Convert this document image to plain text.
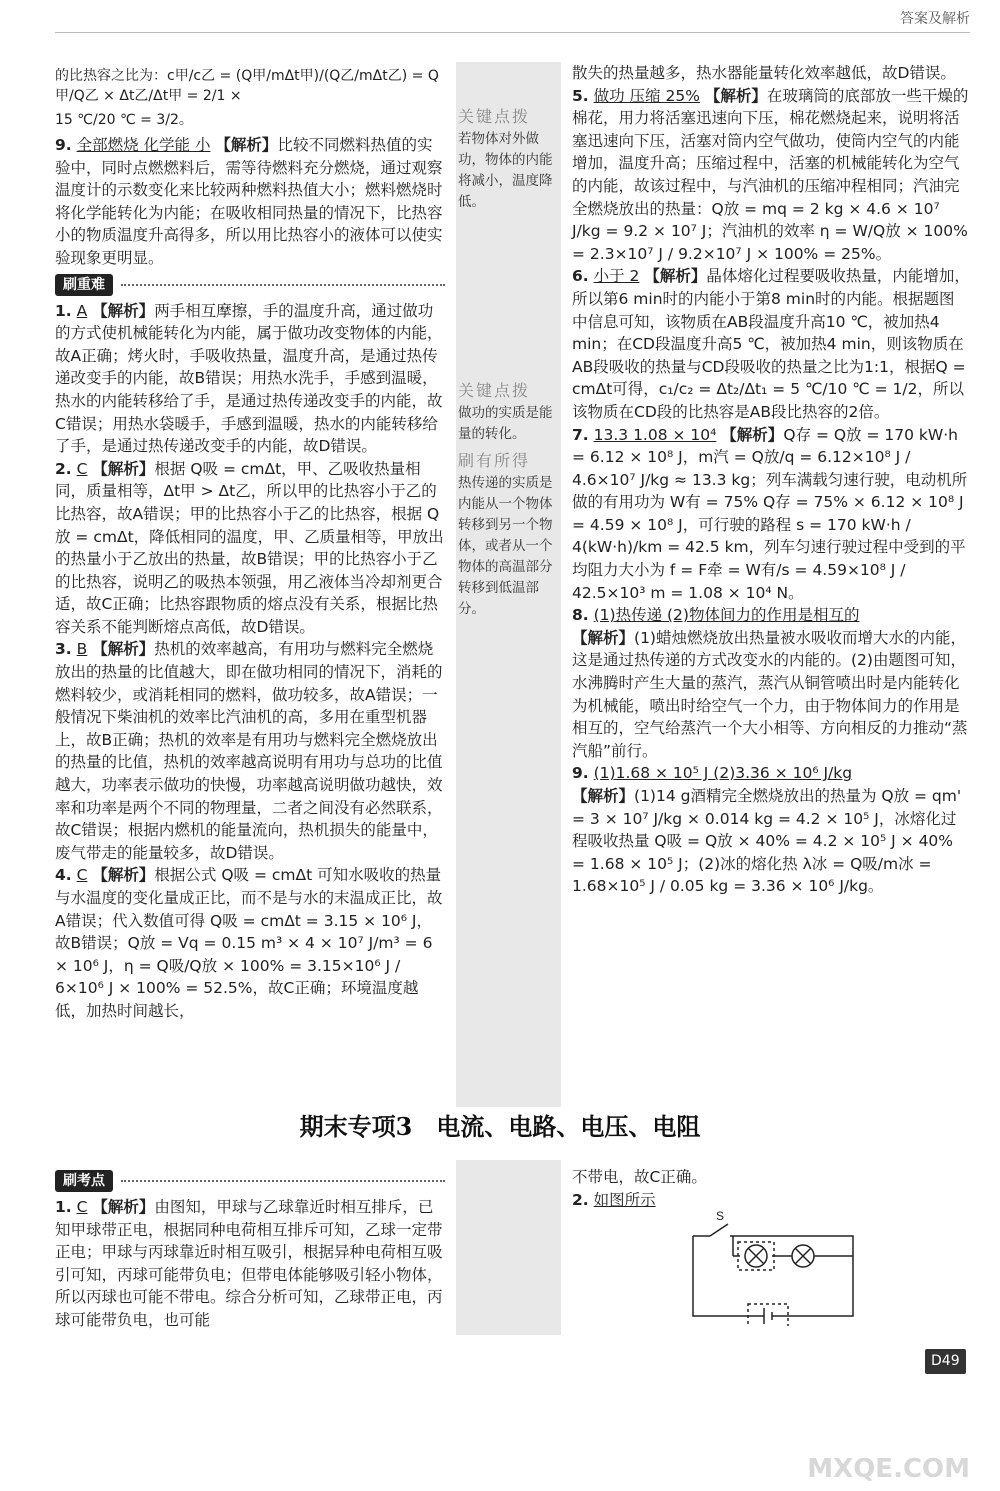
答案及解析
关键点拨
若物体对外做功，物体的内能将减小，温度降低。
关键点拨
做功的实质是能量的转化。
刷有所得
热传递的实质是内能从一个物体转移到另一个物体，或者从一个物体的高温部分转移到低温部分。

的比热容之比为：c甲/c乙 = (Q甲/mΔt甲)/(Q乙/mΔt乙) = Q甲/Q乙 × Δt乙/Δt甲 = 2/1 ×

15 ℃/20 ℃ = 3/2。

9. 全部燃烧 化学能 小 【解析】比较不同燃料热值的实验中，同时点燃燃料后，需等待燃料充分燃烧，通过观察温度计的示数变化来比较两种燃料热值大小；燃料燃烧时将化学能转化为内能；在吸收相同热量的情况下，比热容小的物质温度升高得多，所以用比热容小的液体可以使实验现象更明显。

刷重难

1. A 【解析】两手相互摩擦，手的温度升高，通过做功的方式使机械能转化为内能，属于做功改变物体的内能，故A正确；烤火时，手吸收热量，温度升高，是通过热传递改变手的内能，故B错误；用热水洗手，手感到温暖，热水的内能转移给了手，是通过热传递改变手的内能，故C错误；用热水袋暖手，手感到温暖，热水的内能转移给了手，是通过热传递改变手的内能，故D错误。

2. C 【解析】根据 Q吸 = cmΔt，甲、乙吸收热量相同，质量相等，Δt甲 > Δt乙，所以甲的比热容小于乙的比热容，故A错误；甲的比热容小于乙的比热容，根据 Q放 = cmΔt，降低相同的温度，甲、乙质量相等，甲放出的热量小于乙放出的热量，故B错误；甲的比热容小于乙的比热容，说明乙的吸热本领强，用乙液体当冷却剂更合适，故C正确；比热容跟物质的熔点没有关系，根据比热容关系不能判断熔点高低，故D错误。

3. B 【解析】热机的效率越高，有用功与燃料完全燃烧放出的热量的比值越大，即在做功相同的情况下，消耗的燃料较少，或消耗相同的燃料，做功较多，故A错误；一般情况下柴油机的效率比汽油机的高，多用在重型机器上，故B正确；热机的效率是有用功与燃料完全燃烧放出的热量的比值，热机的效率越高说明有用功与总功的比值越大，功率表示做功的快慢，功率越高说明做功越快，效率和功率是两个不同的物理量，二者之间没有必然联系，故C错误；根据内燃机的能量流向，热机损失的能量中，废气带走的能量较多，故D错误。

4. C 【解析】根据公式 Q吸 = cmΔt 可知水吸收的热量与水温度的变化量成正比，而不是与水的末温成正比，故A错误；代入数值可得 Q吸 = cmΔt = 3.15 × 10⁶ J，故B错误；Q放 = Vq = 0.15 m³ × 4 × 10⁷ J/m³ = 6 × 10⁶ J，η = Q吸/Q放 × 100% = 3.15×10⁶ J / 6×10⁶ J × 100% = 52.5%，故C正确；环境温度越低，加热时间越长，

散失的热量越多，热水器能量转化效率越低，故D错误。

5. 做功 压缩 25% 【解析】在玻璃筒的底部放一些干燥的棉花，用力将活塞迅速向下压，棉花燃烧起来，说明将活塞迅速向下压，活塞对筒内空气做功，使筒内空气的内能增加，温度升高；压缩过程中，活塞的机械能转化为空气的内能，故该过程中，与汽油机的压缩冲程相同；汽油完全燃烧放出的热量：Q放 = mq = 2 kg × 4.6 × 10⁷ J/kg = 9.2 × 10⁷ J；汽油机的效率 η = W/Q放 × 100% = 2.3×10⁷ J / 9.2×10⁷ J × 100% = 25%。

6. 小于 2 【解析】晶体熔化过程要吸收热量，内能增加，所以第6 min时的内能小于第8 min时的内能。根据题图中信息可知，该物质在AB段温度升高10 ℃，被加热4 min；在CD段温度升高5 ℃，被加热4 min，则该物质在AB段吸收的热量与CD段吸收的热量之比为1:1，根据Q = cmΔt可得，c₁/c₂ = Δt₂/Δt₁ = 5 ℃/10 ℃ = 1/2，所以该物质在CD段的比热容是AB段比热容的2倍。

7. 13.3 1.08 × 10⁴ 【解析】Q存 = Q放 = 170 kW·h = 6.12 × 10⁸ J，m汽 = Q放/q = 6.12×10⁸ J / 4.6×10⁷ J/kg ≈ 13.3 kg；列车满载匀速行驶，电动机所做的有用功为 W有 = 75% Q存 = 75% × 6.12 × 10⁸ J = 4.59 × 10⁸ J，可行驶的路程 s = 170 kW·h / 4(kW·h)/km = 42.5 km，列车匀速行驶过程中受到的平均阻力大小为 f = F牵 = W有/s = 4.59×10⁸ J / 42.5×10³ m = 1.08 × 10⁴ N。

8. (1)热传递 (2)物体间力的作用是相互的
【解析】(1)蜡烛燃烧放出热量被水吸收而增大水的内能，这是通过热传递的方式改变水的内能的。(2)由题图可知，水沸腾时产生大量的蒸汽，蒸汽从铜管喷出时是内能转化为机械能，喷出时给空气一个力，由于物体间力的作用是相互的，空气给蒸汽一个大小相等、方向相反的力推动“蒸汽船”前行。

9. (1)1.68 × 10⁵ J (2)3.36 × 10⁶ J/kg
【解析】(1)14 g酒精完全燃烧放出的热量为 Q放 = qm' = 3 × 10⁷ J/kg × 0.014 kg = 4.2 × 10⁵ J，冰熔化过程吸收热量 Q吸 = Q放 × 40% = 4.2 × 10⁵ J × 40% = 1.68 × 10⁵ J；(2)冰的熔化热 λ冰 = Q吸/m冰 = 1.68×10⁵ J / 0.05 kg = 3.36 × 10⁶ J/kg。

期末专项3　电流、电路、电压、电阻
刷考点

1. C 【解析】由图知，甲球与乙球靠近时相互排斥，已知甲球带正电，根据同种电荷相互排斥可知，乙球一定带正电；甲球与丙球靠近时相互吸引，根据异种电荷相互吸引可知，丙球可能带负电；但带电体能够吸引轻小物体，所以丙球也可能不带电。综合分析可知，乙球带正电，丙球可能带负电，也可能

不带电，故C正确。

2. 如图所示

S
D49
MXQE.COM
